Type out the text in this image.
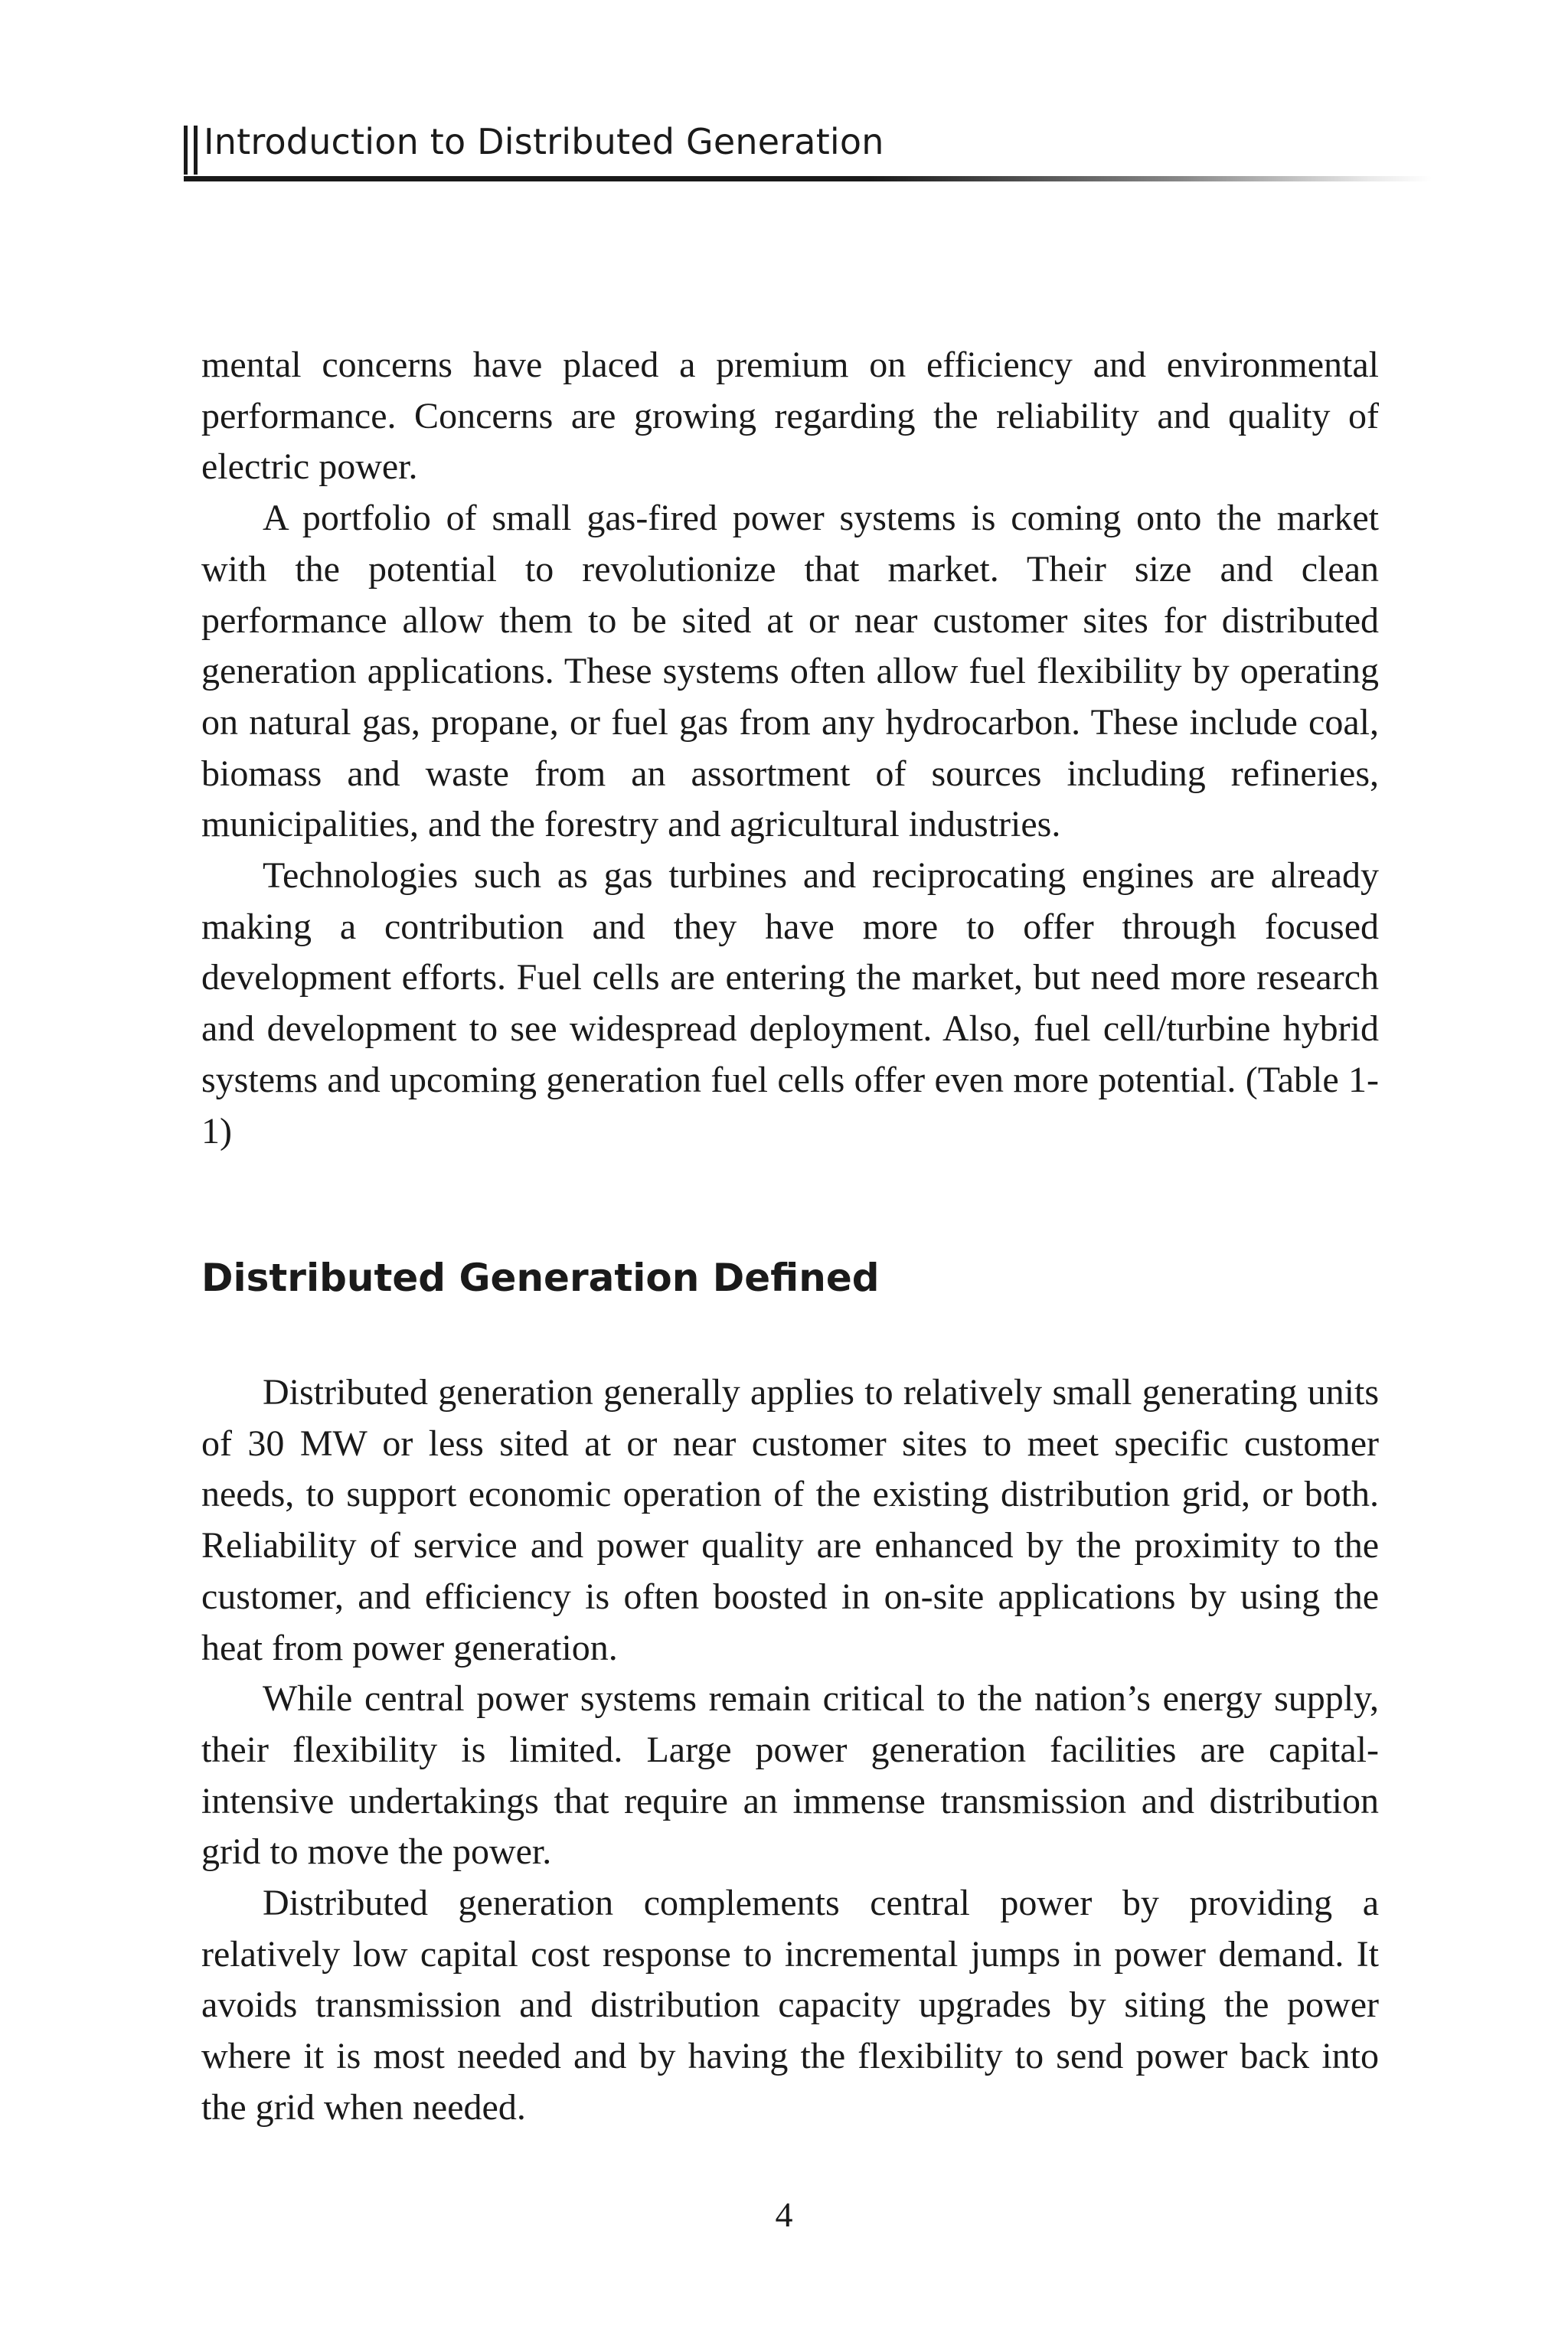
Introduction to Distributed Generation

mental concerns have placed a premium on efficiency and environmental performance. Concerns are growing regarding the reliability and quality of electric power.

A portfolio of small gas-fired power systems is coming onto the market with the potential to revolutionize that market. Their size and clean performance allow them to be sited at or near customer sites for distributed generation applications. These systems often allow fuel flexibility by operating on natural gas, propane, or fuel gas from any hydrocarbon. These include coal, biomass and waste from an assortment of sources including refineries, municipalities, and the forestry and agricultural industries.

Technologies such as gas turbines and reciprocating engines are already making a contribution and they have more to offer through focused development efforts. Fuel cells are entering the market, but need more research and development to see widespread deployment. Also, fuel cell/turbine hybrid systems and upcoming generation fuel cells offer even more potential. (Table 1-1)

Distributed Generation Defined

Distributed generation generally applies to relatively small generating units of 30 MW or less sited at or near customer sites to meet specific customer needs, to support economic operation of the existing distribution grid, or both. Reliability of service and power quality are enhanced by the proximity to the customer, and efficiency is often boosted in on-site applications by using the heat from power generation.

While central power systems remain critical to the nation’s energy supply, their flexibility is limited. Large power generation facilities are capital-intensive undertakings that require an immense transmission and distribution grid to move the power.

Distributed generation complements central power by providing a relatively low capital cost response to incremental jumps in power demand. It avoids transmission and distribution capacity upgrades by siting the power where it is most needed and by having the flexibility to send power back into the grid when needed.

4
